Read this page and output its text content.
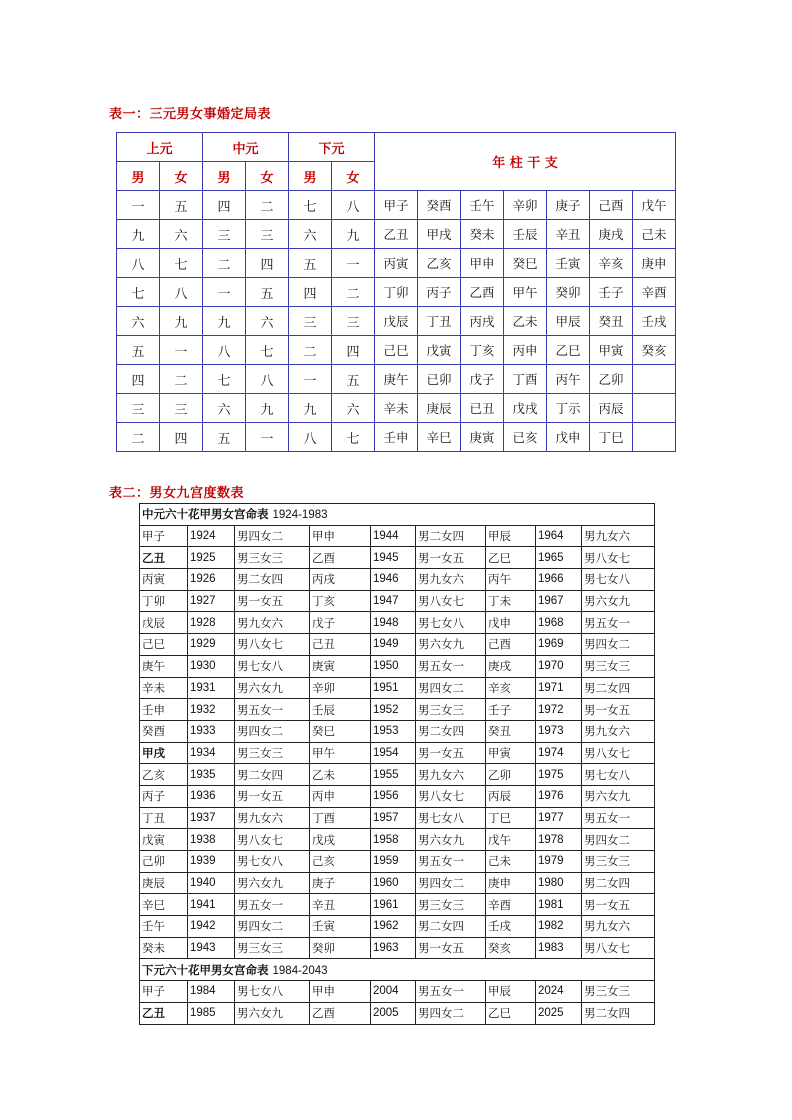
表一：三元男女事婚定局表
上元		中元		下元		年 柱 干 支						
男	女	男	女	男	女							
一	五	四	二	七	八	甲子	癸酉	壬午	辛卯	庚子	己酉	戊午
九	六	三	三	六	九	乙丑	甲戌	癸未	壬辰	辛丑	庚戌	己未
八	七	二	四	五	一	丙寅	乙亥	甲申	癸巳	壬寅	辛亥	庚申
七	八	一	五	四	二	丁卯	丙子	乙酉	甲午	癸卯	壬子	辛酉
六	九	九	六	三	三	戊辰	丁丑	丙戌	乙未	甲辰	癸丑	壬戌
五	一	八	七	二	四	己巳	戊寅	丁亥	丙申	乙巳	甲寅	癸亥
四	二	七	八	一	五	庚午	已卯	戊子	丁酉	丙午	乙卯	
三	三	六	九	九	六	辛未	庚辰	已丑	戊戌	丁示	丙辰	
二	四	五	一	八	七	壬申	辛巳	庚寅	已亥	戊申	丁巳	
表二：男女九宫度数表
中元六十花甲男女宫命表 1924-1983								
甲子	1924	男四女二	甲申	1944	男二女四	甲辰	1964	男九女六
乙丑	1925	男三女三	乙酉	1945	男一女五	乙巳	1965	男八女七
丙寅	1926	男二女四	丙戌	1946	男九女六	丙午	1966	男七女八
丁卯	1927	男一女五	丁亥	1947	男八女七	丁未	1967	男六女九
戊辰	1928	男九女六	戊子	1948	男七女八	戊申	1968	男五女一
己巳	1929	男八女七	己丑	1949	男六女九	己酉	1969	男四女二
庚午	1930	男七女八	庚寅	1950	男五女一	庚戌	1970	男三女三
辛未	1931	男六女九	辛卯	1951	男四女二	辛亥	1971	男二女四
壬申	1932	男五女一	壬辰	1952	男三女三	壬子	1972	男一女五
癸酉	1933	男四女二	癸巳	1953	男二女四	癸丑	1973	男九女六
甲戌	1934	男三女三	甲午	1954	男一女五	甲寅	1974	男八女七
乙亥	1935	男二女四	乙未	1955	男九女六	乙卯	1975	男七女八
丙子	1936	男一女五	丙申	1956	男八女七	丙辰	1976	男六女九
丁丑	1937	男九女六	丁酉	1957	男七女八	丁巳	1977	男五女一
戊寅	1938	男八女七	戊戌	1958	男六女九	戊午	1978	男四女二
己卯	1939	男七女八	己亥	1959	男五女一	己未	1979	男三女三
庚辰	1940	男六女九	庚子	1960	男四女二	庚申	1980	男二女四
辛巳	1941	男五女一	辛丑	1961	男三女三	辛酉	1981	男一女五
壬午	1942	男四女二	壬寅	1962	男二女四	壬戌	1982	男九女六
癸未	1943	男三女三	癸卯	1963	男一女五	癸亥	1983	男八女七
下元六十花甲男女宫命表 1984-2043								
甲子	1984	男七女八	甲申	2004	男五女一	甲辰	2024	男三女三
乙丑	1985	男六女九	乙酉	2005	男四女二	乙巳	2025	男二女四
